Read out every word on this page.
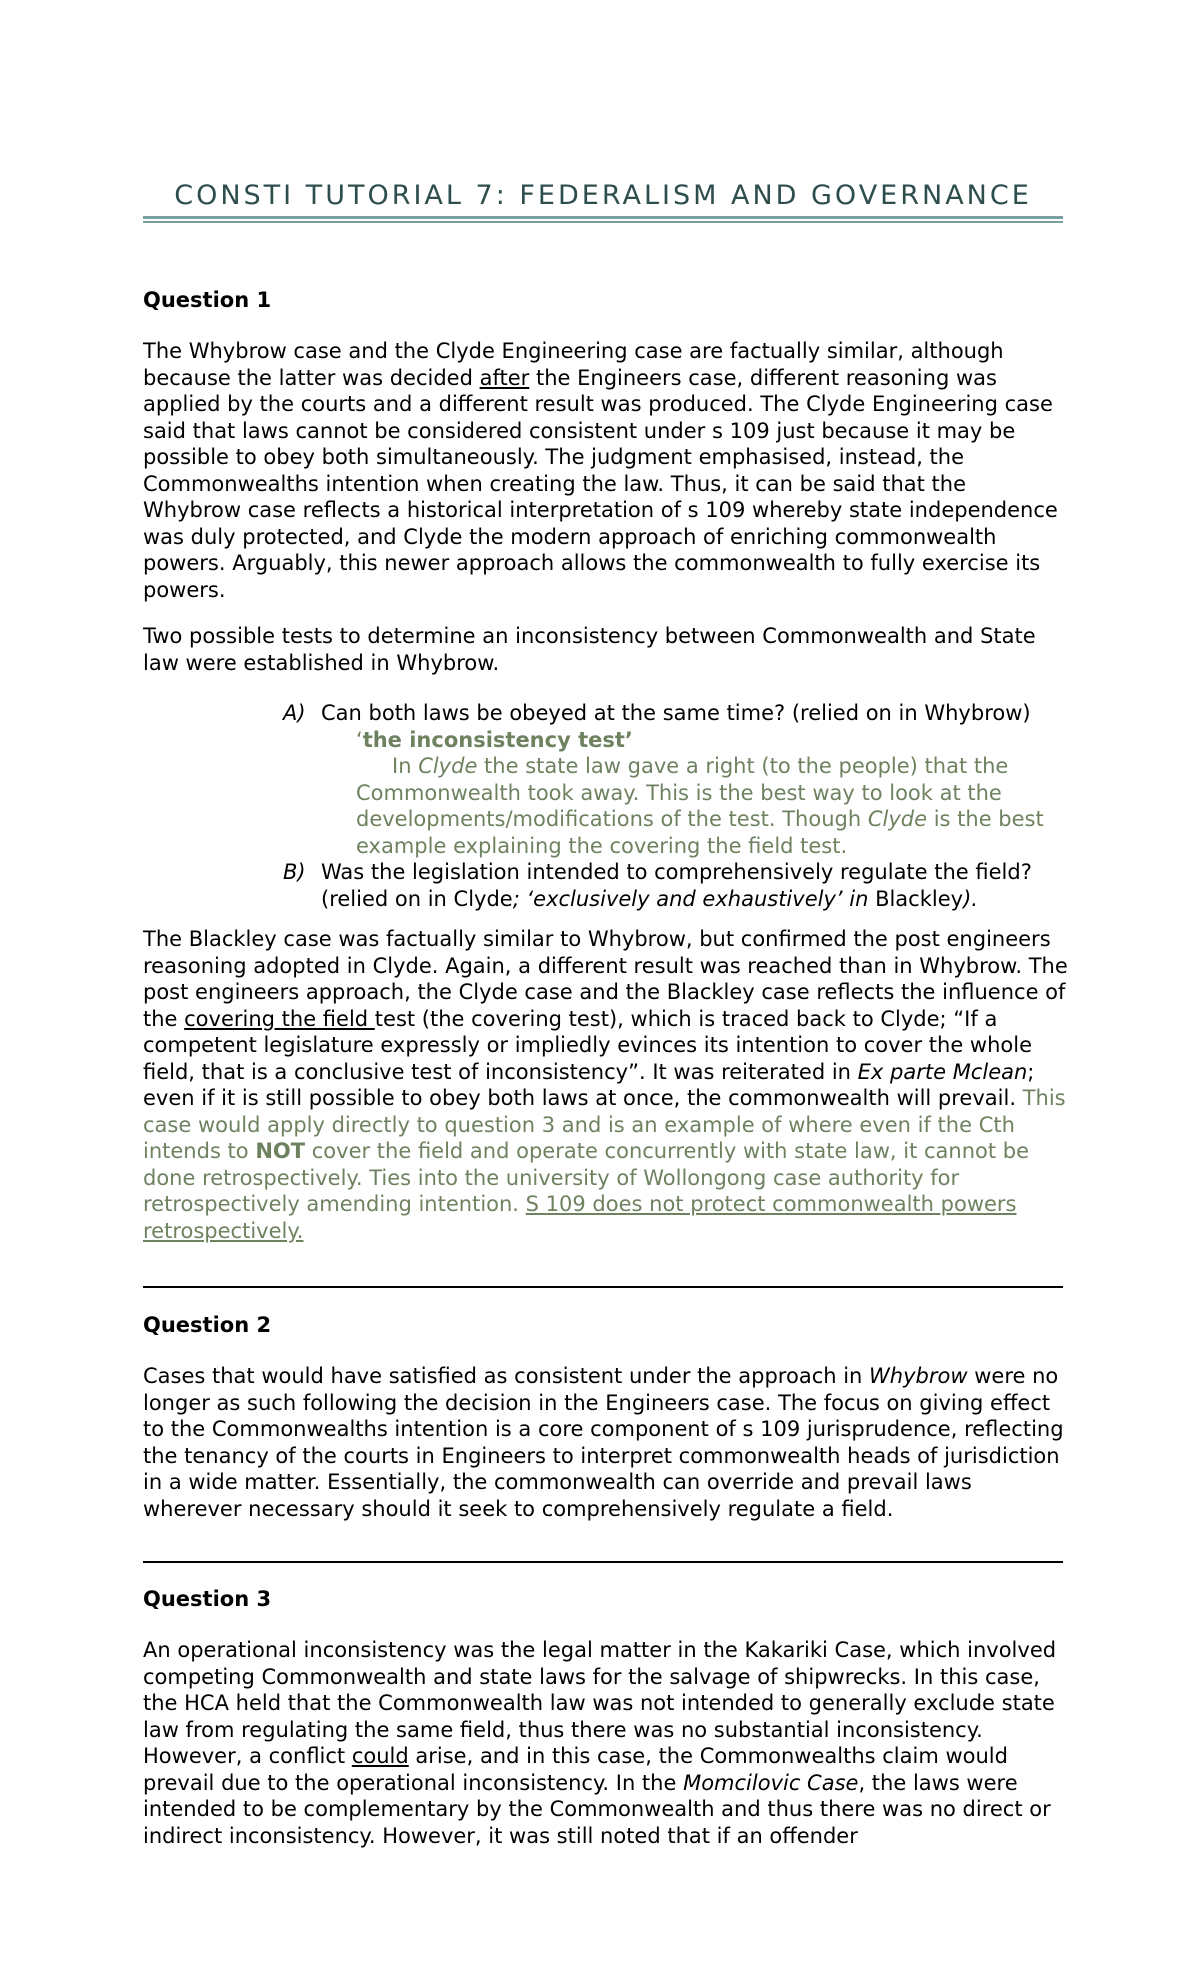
CONSTI TUTORIAL 7: FEDERALISM AND GOVERNANCE
Question 1
The Whybrow case and the Clyde Engineering case are factually similar, although because the latter was decided after the Engineers case, different reasoning was applied by the courts and a different result was produced. The Clyde Engineering case said that laws cannot be considered consistent under s 109 just because it may be possible to obey both simultaneously. The judgment emphasised, instead, the Commonwealths intention when creating the law. Thus, it can be said that the Whybrow case reflects a historical interpretation of s 109 whereby state independence was duly protected, and Clyde the modern approach of enriching commonwealth powers. Arguably, this newer approach allows the commonwealth to fully exercise its powers.
Two possible tests to determine an inconsistency between Commonwealth and State law were established in Whybrow.
A) Can both laws be obeyed at the same time? (relied on in Whybrow)
‘the inconsistency test’
In Clyde the state law gave a right (to the people) that the Commonwealth took away. This is the best way to look at the developments/modifications of the test. Though Clyde is the best example explaining the covering the field test.
B) Was the legislation intended to comprehensively regulate the field? (relied on in Clyde; ‘exclusively and exhaustively’ in Blackley).
The Blackley case was factually similar to Whybrow, but confirmed the post engineers reasoning adopted in Clyde. Again, a different result was reached than in Whybrow. The post engineers approach, the Clyde case and the Blackley case reflects the influence of the covering the field test (the covering test), which is traced back to Clyde; “If a competent legislature expressly or impliedly evinces its intention to cover the whole field, that is a conclusive test of inconsistency”. It was reiterated in Ex parte Mclean; even if it is still possible to obey both laws at once, the commonwealth will prevail. This case would apply directly to question 3 and is an example of where even if the Cth intends to NOT cover the field and operate concurrently with state law, it cannot be done retrospectively. Ties into the university of Wollongong case authority for retrospectively amending intention. S 109 does not protect commonwealth powers retrospectively.
Question 2
Cases that would have satisfied as consistent under the approach in Whybrow were no longer as such following the decision in the Engineers case. The focus on giving effect to the Commonwealths intention is a core component of s 109 jurisprudence, reflecting the tenancy of the courts in Engineers to interpret commonwealth heads of jurisdiction in a wide matter. Essentially, the commonwealth can override and prevail laws wherever necessary should it seek to comprehensively regulate a field.
Question 3
An operational inconsistency was the legal matter in the Kakariki Case, which involved competing Commonwealth and state laws for the salvage of shipwrecks. In this case, the HCA held that the Commonwealth law was not intended to generally exclude state law from regulating the same field, thus there was no substantial inconsistency. However, a conflict could arise, and in this case, the Commonwealths claim would prevail due to the operational inconsistency. In the Momcilovic Case, the laws were intended to be complementary by the Commonwealth and thus there was no direct or indirect inconsistency. However, it was still noted that if an offender
